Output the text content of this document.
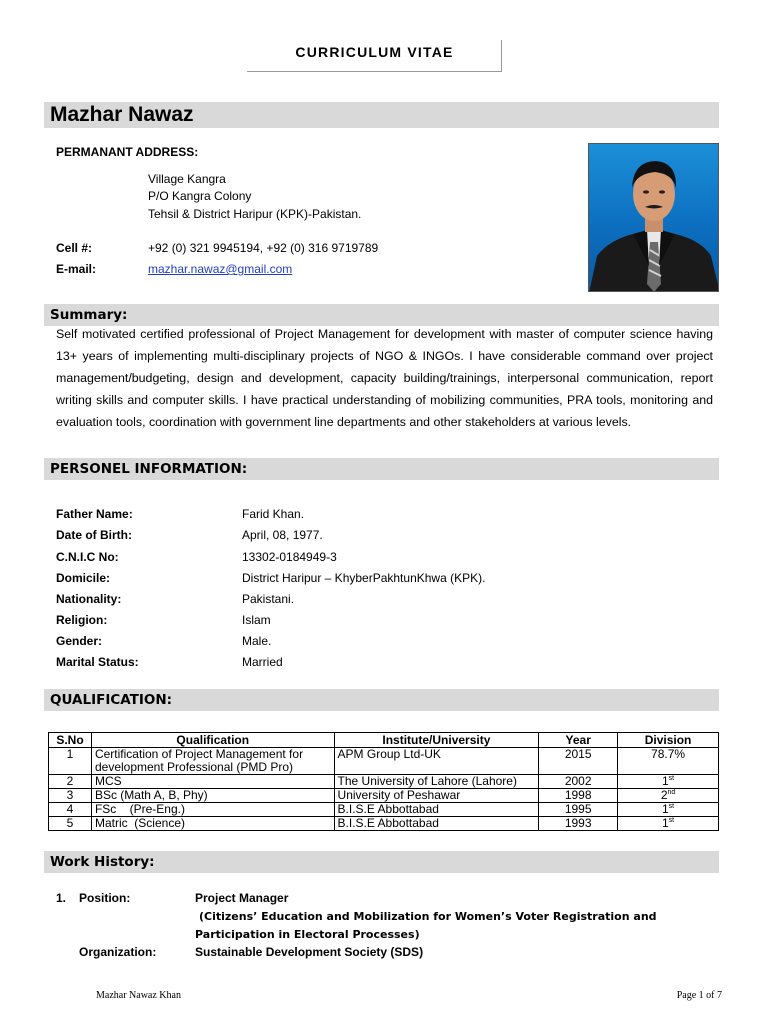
CURRICULUM VITAE
Mazhar Nawaz
PERMANANT ADDRESS:
Village Kangra
P/O Kangra Colony
Tehsil & District Haripur (KPK)-Pakistan.
Cell #:	+92 (0) 321 9945194, +92 (0) 316 9719789
E-mail:	mazhar.nawaz@gmail.com
Summary:

Self motivated certified professional of Project Management for development with master of computer science having 13+ years of implementing multi-disciplinary projects of NGO & INGOs. I have considerable command over project management/budgeting, design and development, capacity building/trainings, interpersonal communication, report writing skills and computer skills. I have practical understanding of mobilizing communities, PRA tools, monitoring and evaluation tools, coordination with government line departments and other stakeholders at various levels.

PERSONEL INFORMATION:
Father Name:	Farid Khan.
Date of Birth:	April, 08, 1977.
C.N.I.C No:	13302-0184949-3
Domicile:	District Haripur – KhyberPakhtunKhwa (KPK).
Nationality:	Pakistani.
Religion:	Islam
Gender:	Male.
Marital Status:	Married
QUALIFICATION:
S.No	Qualification	Institute/University	Year	Division
1	Certification of Project Management for development Professional (PMD Pro)	APM Group Ltd-UK	2015	78.7%
2	MCS	The University of Lahore (Lahore)	2002	1st
3	BSc (Math A, B, Phy)	University of Peshawar	1998	2nd
4	FSc    (Pre-Eng.)	B.I.S.E Abbottabad	1995	1st
5	Matric  (Science)	B.I.S.E Abbottabad	1993	1st
Work History:
1. Position:	Project Manager
(Citizens’ Education and Mobilization for Women’s Voter Registration and Participation in Electoral Processes)
Organization:	Sustainable Development Society (SDS)
Mazhar Nawaz Khan	Page 1 of 7
